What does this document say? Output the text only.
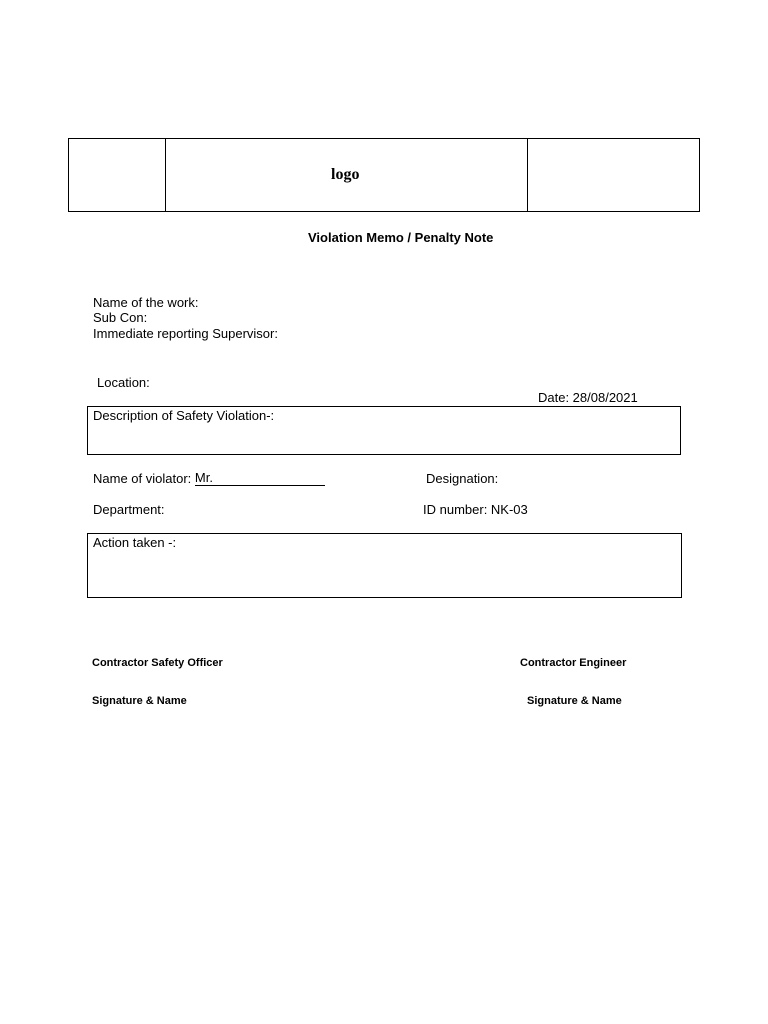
logo
Violation Memo / Penalty Note
Name of the work:
Sub Con:
Immediate reporting Supervisor:
Location:
Date: 28/08/2021
Description of Safety Violation-:
Name of violator: Mr.	Designation:
Department:	ID number: NK-03
Action taken -:
Contractor Safety Officer
Signature & Name
Contractor Engineer
Signature & Name
